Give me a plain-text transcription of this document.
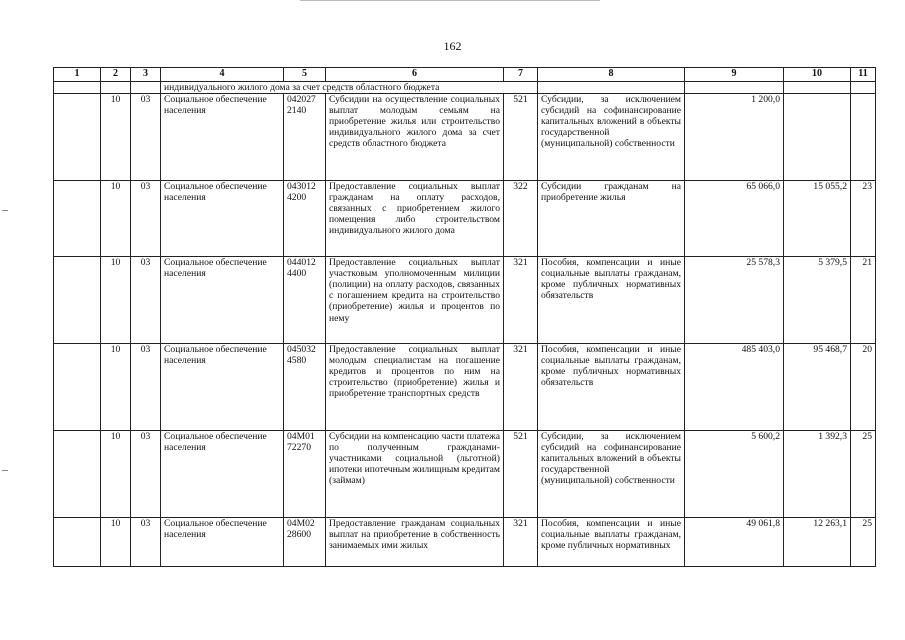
162
1	2	3	4	5	6	7	8	9	10	11
			индивидуального жилого дома за счет средств областного бюджета							
	10	03	Социальное обеспечение населения	042027 2140	Субсидии на осуществление социальных выплат молодым семьям на приобретение жилья или строительство индивидуального жилого дома за счет средств областного бюджета	521	Субсидии, за исключением субсидий на софинансирование капитальных вложений в объекты государственной (муниципальной) собственности	1 200,0		
	10	03	Социальное обеспечение населения	043012 4200	Предоставление социальных выплат гражданам на оплату расходов, связанных с приобретением жилого помещения либо строительством индивидуального жилого дома	322	Субсидии гражданам на приобретение жилья	65 066,0	15 055,2	23
	10	03	Социальное обеспечение населения	044012 4400	Предоставление социальных выплат участковым уполномоченным милиции (полиции) на оплату расходов, связанных с погашением кредита на строительство (приобретение) жилья и процентов по нему	321	Пособия, компенсации и иные социальные выплаты гражданам, кроме публичных нормативных обязательств	25 578,3	5 379,5	21
	10	03	Социальное обеспечение населения	045032 4580	Предоставление социальных выплат молодым специалистам на погашение кредитов и процентов по ним на строительство (приобретение) жилья и приобретение транспортных средств	321	Пособия, компенсации и иные социальные выплаты гражданам, кроме публичных нормативных обязательств	485 403,0	95 468,7	20
	10	03	Социальное обеспечение населения	04М01 72270	Субсидии на компенсацию части платежа по полученным гражданами-участниками социальной (льготной) ипотеки ипотечным жилищным кредитам (займам)	521	Субсидии, за исключением субсидий на софинансирование капитальных вложений в объекты государственной (муниципальной) собственности	5 600,2	1 392,3	25
	10	03	Социальное обеспечение населения	04М02 28600	Предоставление гражданам социальных выплат на приобретение в собственность занимаемых ими жилых	321	Пособия, компенсации и иные социальные выплаты гражданам, кроме публичных нормативных	49 061,8	12 263,1	25
